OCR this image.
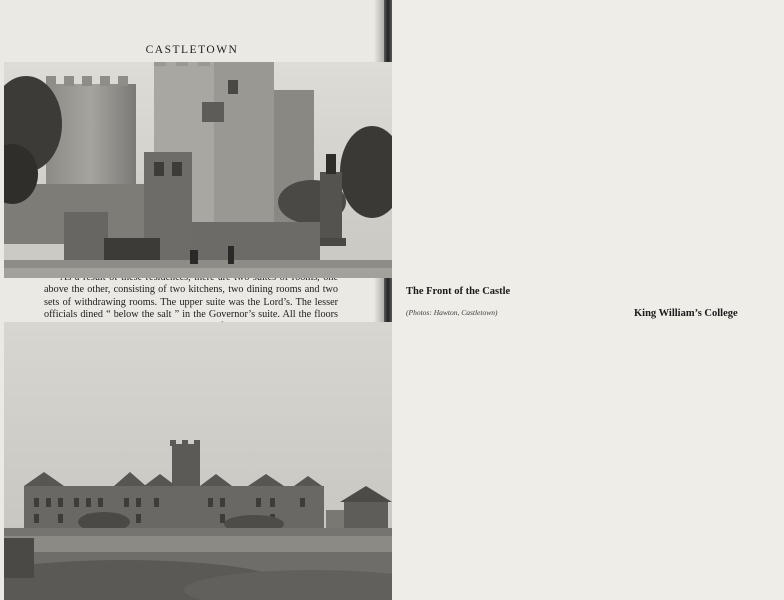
CASTLETOWN

above the other, consisting of two kitchens, two dining rooms and two sets of withdrawing rooms. The upper suite was the Lord’s. The lesser officials dined “ below the salt ” in the Governor’s suite. All the floors

The Front of the Castle
(Photos: Hawton, Castletown)	King William’s College
